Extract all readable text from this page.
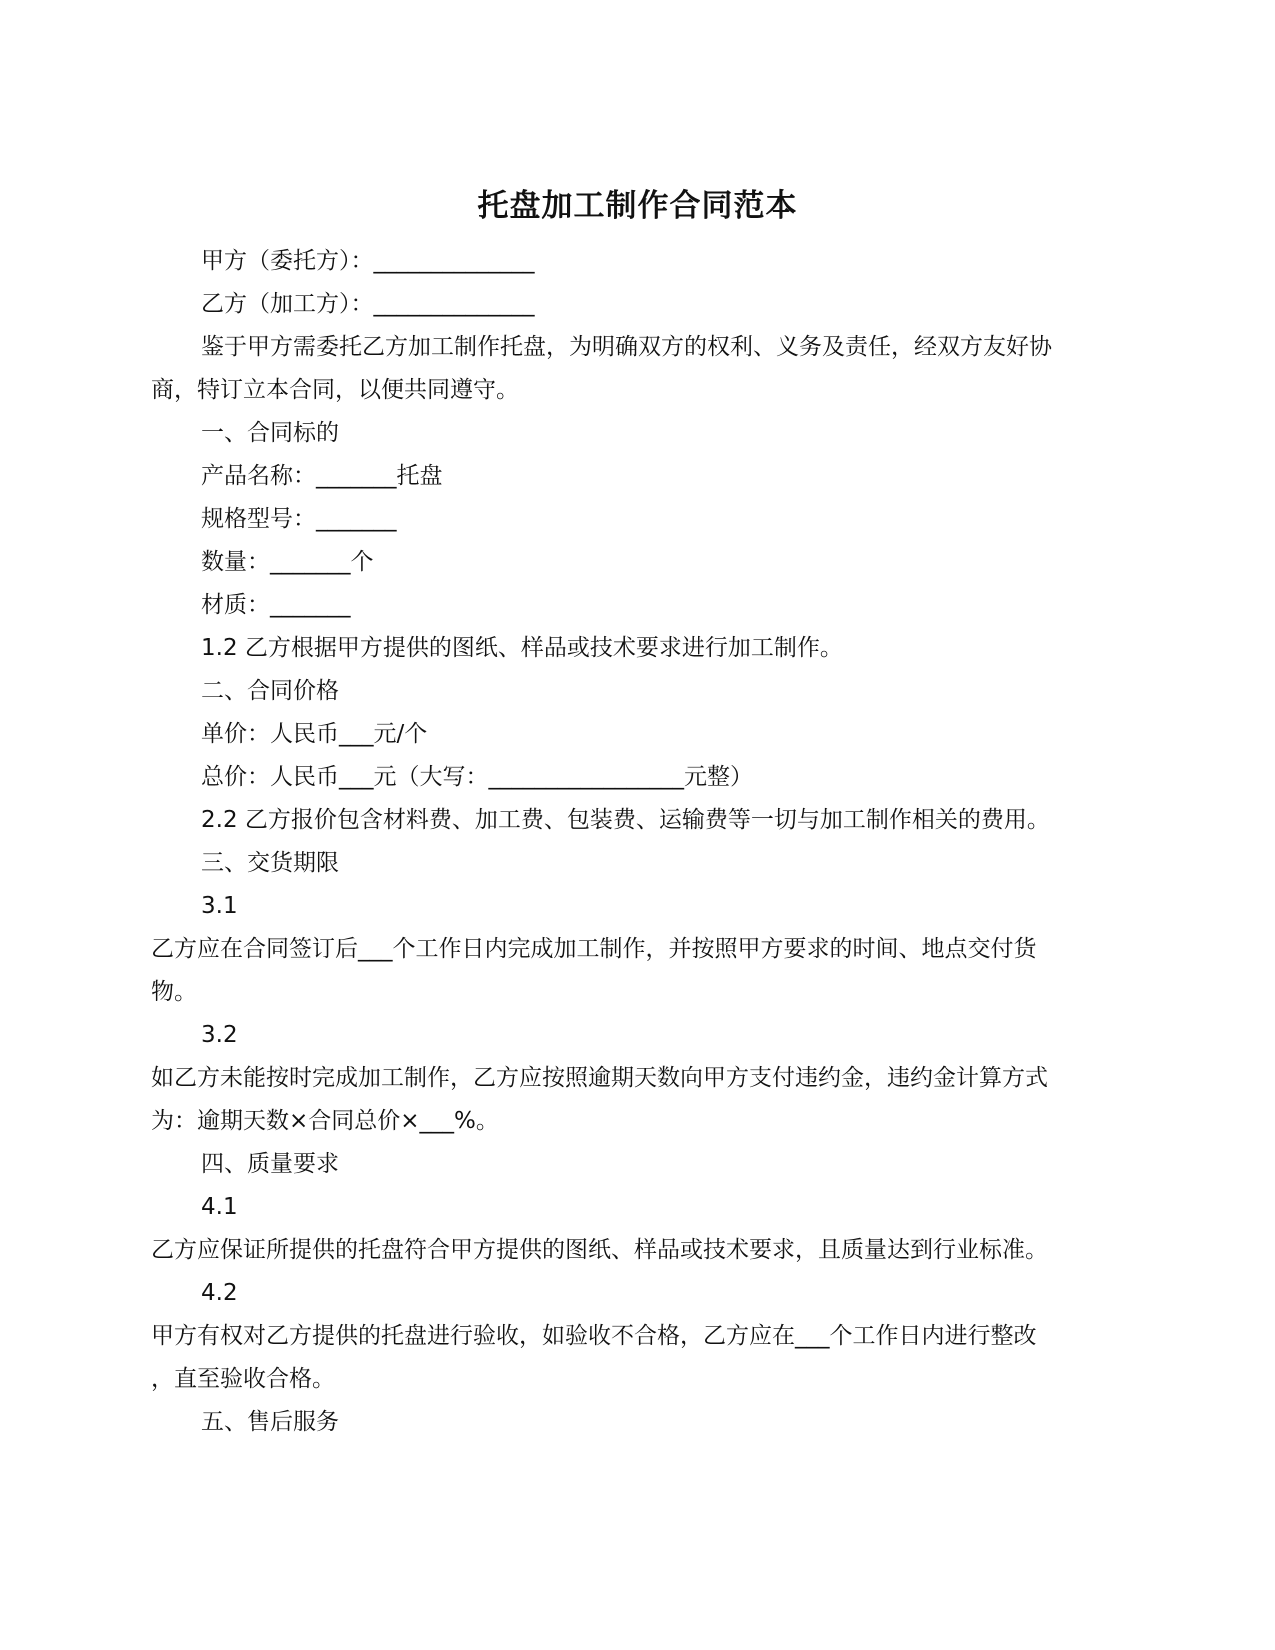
托盘加工制作合同范本

甲方（委托方）：______________

乙方（加工方）：______________

鉴于甲方需委托乙方加工制作托盘，为明确双方的权利、义务及责任，经双方友好协

商，特订立本合同，以便共同遵守。

一、合同标的

产品名称：_______托盘

规格型号：_______

数量：_______个

材质：_______

1.2 乙方根据甲方提供的图纸、样品或技术要求进行加工制作。

二、合同价格

单价：人民币___元/个

总价：人民币___元（大写：_________________元整）

2.2 乙方报价包含材料费、加工费、包装费、运输费等一切与加工制作相关的费用。

三、交货期限

3.1

乙方应在合同签订后___个工作日内完成加工制作，并按照甲方要求的时间、地点交付货

物。

3.2

如乙方未能按时完成加工制作，乙方应按照逾期天数向甲方支付违约金，违约金计算方式

为：逾期天数×合同总价×___%。

四、质量要求

4.1

乙方应保证所提供的托盘符合甲方提供的图纸、样品或技术要求，且质量达到行业标准。

4.2

甲方有权对乙方提供的托盘进行验收，如验收不合格，乙方应在___个工作日内进行整改

，直至验收合格。

五、售后服务
